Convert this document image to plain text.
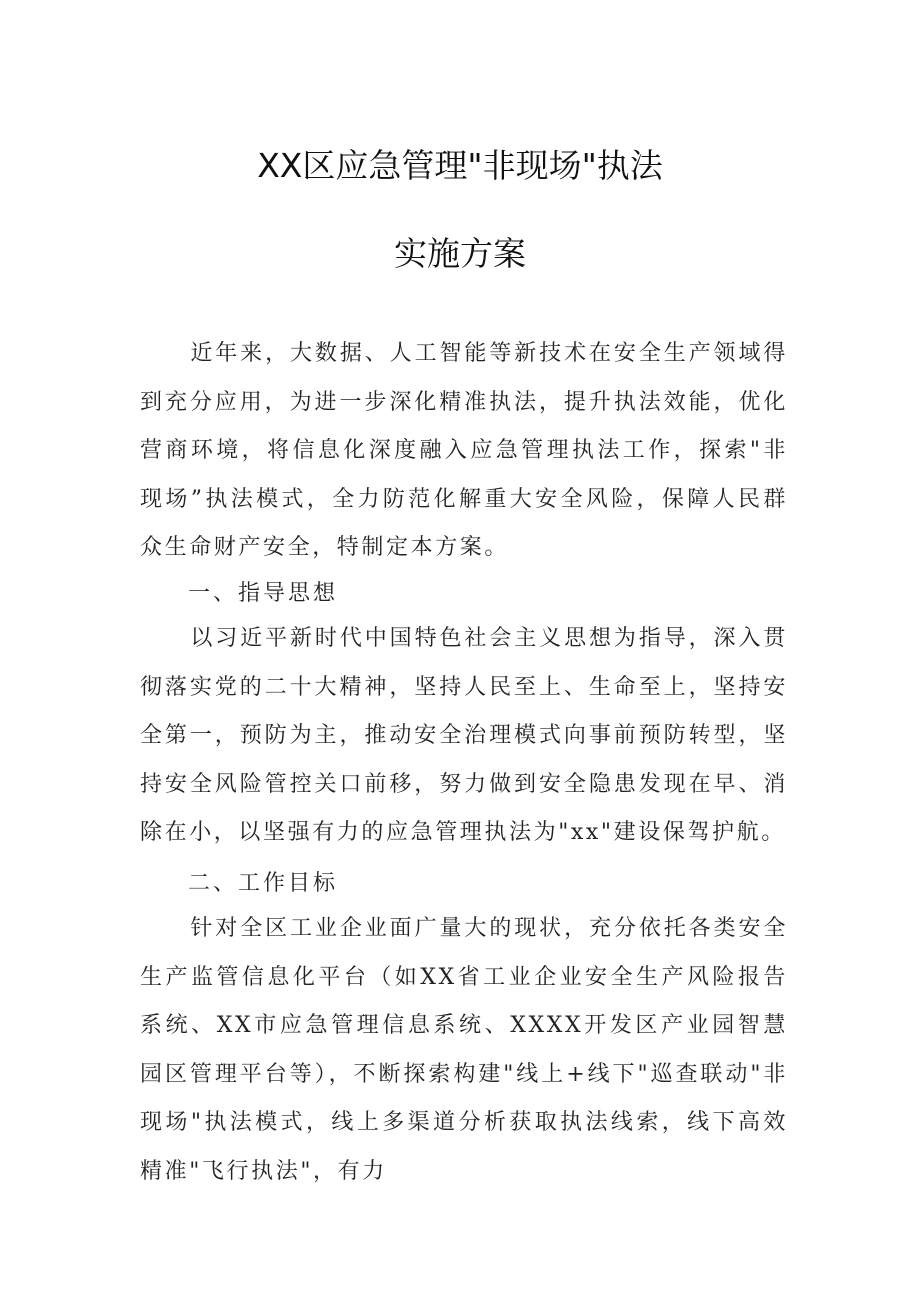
XX区应急管理"非现场"执法
实施方案
近年来，大数据、人工智能等新技术在安全生产领域得到充分应用，为进一步深化精准执法，提升执法效能，优化营商环境，将信息化深度融入应急管理执法工作，探索"非现场”执法模式，全力防范化解重大安全风险，保障人民群众生命财产安全，特制定本方案。
一、指导思想
以习近平新时代中国特色社会主义思想为指导，深入贯彻落实党的二十大精神，坚持人民至上、生命至上，坚持安全第一，预防为主，推动安全治理模式向事前预防转型，坚持安全风险管控关口前移，努力做到安全隐患发现在早、消除在小，以坚强有力的应急管理执法为"xx"建设保驾护航。
二、工作目标
针对全区工业企业面广量大的现状，充分依托各类安全生产监管信息化平台（如XX省工业企业安全生产风险报告系统、XX市应急管理信息系统、XXXX开发区产业园智慧园区管理平台等），不断探索构建"线上+线下"巡查联动"非现场"执法模式，线上多渠道分析获取执法线索，线下高效精准"飞行执法"，有力
